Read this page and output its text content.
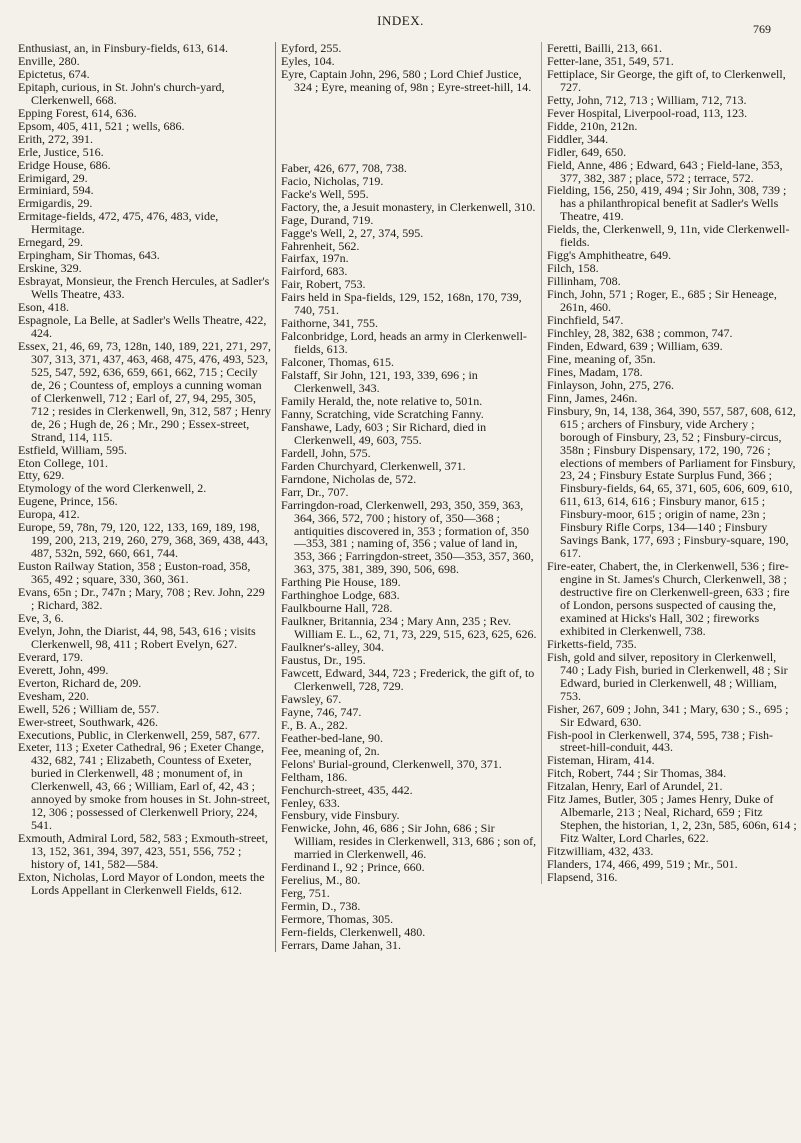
INDEX.
769

Enthusiast, an, in Finsbury-fields, 613, 614.

Enville, 280.

Epictetus, 674.

Epitaph, curious, in St. John's church-yard, Clerkenwell, 668.

Epping Forest, 614, 636.

Epsom, 405, 411, 521 ; wells, 686.

Erith, 272, 391.

Erle, Justice, 516.

Eridge House, 686.

Erimigard, 29.

Erminiard, 594.

Ermigardis, 29.

Ermitage-fields, 472, 475, 476, 483, vide, Hermitage.

Ernegard, 29.

Erpingham, Sir Thomas, 643.

Erskine, 329.

Esbrayat, Monsieur, the French Hercules, at Sadler's Wells Theatre, 433.

Eson, 418.

Espagnole, La Belle, at Sadler's Wells Theatre, 422, 424.

Essex, 21, 46, 69, 73, 128n, 140, 189, 221, 271, 297, 307, 313, 371, 437, 463, 468, 475, 476, 493, 523, 525, 547, 592, 636, 659, 661, 662, 715 ; Cecily de, 26 ; Countess of, employs a cunning woman of Clerkenwell, 712 ; Earl of, 27, 94, 295, 305, 712 ; resides in Clerkenwell, 9n, 312, 587 ; Henry de, 26 ; Hugh de, 26 ; Mr., 290 ; Essex-street, Strand, 114, 115.

Estfield, William, 595.

Eton College, 101.

Etty, 629.

Etymology of the word Clerkenwell, 2.

Eugene, Prince, 156.

Europa, 412.

Europe, 59, 78n, 79, 120, 122, 133, 169, 189, 198, 199, 200, 213, 219, 260, 279, 368, 369, 438, 443, 487, 532n, 592, 660, 661, 744.

Euston Railway Station, 358 ; Euston-road, 358, 365, 492 ; square, 330, 360, 361.

Evans, 65n ; Dr., 747n ; Mary, 708 ; Rev. John, 229 ; Richard, 382.

Eve, 3, 6.

Evelyn, John, the Diarist, 44, 98, 543, 616 ; visits Clerkenwell, 98, 411 ; Robert Evelyn, 627.

Everard, 179.

Everett, John, 499.

Everton, Richard de, 209.

Evesham, 220.

Ewell, 526 ; William de, 557.

Ewer-street, Southwark, 426.

Executions, Public, in Clerkenwell, 259, 587, 677.

Exeter, 113 ; Exeter Cathedral, 96 ; Exeter Change, 432, 682, 741 ; Elizabeth, Countess of Exeter, buried in Clerkenwell, 48 ; monument of, in Clerkenwell, 43, 66 ; William, Earl of, 42, 43 ; annoyed by smoke from houses in St. John-street, 12, 306 ; possessed of Clerkenwell Priory, 224, 541.

Exmouth, Admiral Lord, 582, 583 ; Exmouth-street, 13, 152, 361, 394, 397, 423, 551, 556, 752 ; history of, 141, 582—584.

Exton, Nicholas, Lord Mayor of London, meets the Lords Appellant in Clerkenwell Fields, 612.

Eyford, 255.

Eyles, 104.

Eyre, Captain John, 296, 580 ; Lord Chief Justice, 324 ; Eyre, meaning of, 98n ; Eyre-street-hill, 14.

Faber, 426, 677, 708, 738.

Facio, Nicholas, 719.

Facke's Well, 595.

Factory, the, a Jesuit monastery, in Clerkenwell, 310.

Fage, Durand, 719.

Fagge's Well, 2, 27, 374, 595.

Fahrenheit, 562.

Fairfax, 197n.

Fairford, 683.

Fair, Robert, 753.

Fairs held in Spa-fields, 129, 152, 168n, 170, 739, 740, 751.

Faithorne, 341, 755.

Falconbridge, Lord, heads an army in Clerkenwell-fields, 613.

Falconer, Thomas, 615.

Falstaff, Sir John, 121, 193, 339, 696 ; in Clerkenwell, 343.

Family Herald, the, note relative to, 501n.

Fanny, Scratching, vide Scratching Fanny.

Fanshawe, Lady, 603 ; Sir Richard, died in Clerkenwell, 49, 603, 755.

Fardell, John, 575.

Farden Churchyard, Clerkenwell, 371.

Farndone, Nicholas de, 572.

Farr, Dr., 707.

Farringdon-road, Clerkenwell, 293, 350, 359, 363, 364, 366, 572, 700 ; history of, 350—368 ; antiquities discovered in, 353 ; formation of, 350—353, 381 ; naming of, 356 ; value of land in, 353, 366 ; Farringdon-street, 350—353, 357, 360, 363, 375, 381, 389, 390, 506, 698.

Farthing Pie House, 189.

Farthinghoe Lodge, 683.

Faulkbourne Hall, 728.

Faulkner, Britannia, 234 ; Mary Ann, 235 ; Rev. William E. L., 62, 71, 73, 229, 515, 623, 625, 626.

Faulkner's-alley, 304.

Faustus, Dr., 195.

Fawcett, Edward, 344, 723 ; Frederick, the gift of, to Clerkenwell, 728, 729.

Fawsley, 67.

Fayne, 746, 747.

F., B. A., 282.

Feather-bed-lane, 90.

Fee, meaning of, 2n.

Felons' Burial-ground, Clerkenwell, 370, 371.

Feltham, 186.

Fenchurch-street, 435, 442.

Fenley, 633.

Fensbury, vide Finsbury.

Fenwicke, John, 46, 686 ; Sir John, 686 ; Sir William, resides in Clerkenwell, 313, 686 ; son of, married in Clerkenwell, 46.

Ferdinand I., 92 ; Prince, 660.

Ferelius, M., 80.

Ferg, 751.

Fermin, D., 738.

Fermore, Thomas, 305.

Fern-fields, Clerkenwell, 480.

Ferrars, Dame Jahan, 31.

Feretti, Bailli, 213, 661.

Fetter-lane, 351, 549, 571.

Fettiplace, Sir George, the gift of, to Clerkenwell, 727.

Fetty, John, 712, 713 ; William, 712, 713.

Fever Hospital, Liverpool-road, 113, 123.

Fidde, 210n, 212n.

Fiddler, 344.

Fidler, 649, 650.

Field, Anne, 486 ; Edward, 643 ; Field-lane, 353, 377, 382, 387 ; place, 572 ; terrace, 572.

Fielding, 156, 250, 419, 494 ; Sir John, 308, 739 ; has a philanthropical benefit at Sadler's Wells Theatre, 419.

Fields, the, Clerkenwell, 9, 11n, vide Clerkenwell-fields.

Figg's Amphitheatre, 649.

Filch, 158.

Fillinham, 708.

Finch, John, 571 ; Roger, E., 685 ; Sir Heneage, 261n, 460.

Finchfield, 547.

Finchley, 28, 382, 638 ; common, 747.

Finden, Edward, 639 ; William, 639.

Fine, meaning of, 35n.

Fines, Madam, 178.

Finlayson, John, 275, 276.

Finn, James, 246n.

Finsbury, 9n, 14, 138, 364, 390, 557, 587, 608, 612, 615 ; archers of Finsbury, vide Archery ; borough of Finsbury, 23, 52 ; Finsbury-circus, 358n ; Finsbury Dispensary, 172, 190, 726 ; elections of members of Parliament for Finsbury, 23, 24 ; Finsbury Estate Surplus Fund, 366 ; Finsbury-fields, 64, 65, 371, 605, 606, 609, 610, 611, 613, 614, 616 ; Finsbury manor, 615 ; Finsbury-moor, 615 ; origin of name, 23n ; Finsbury Rifle Corps, 134—140 ; Finsbury Savings Bank, 177, 693 ; Finsbury-square, 190, 617.

Fire-eater, Chabert, the, in Clerkenwell, 536 ; fire-engine in St. James's Church, Clerkenwell, 38 ; destructive fire on Clerkenwell-green, 633 ; fire of London, persons suspected of causing the, examined at Hicks's Hall, 302 ; fireworks exhibited in Clerkenwell, 738.

Firketts-field, 735.

Fish, gold and silver, repository in Clerkenwell, 740 ; Lady Fish, buried in Clerkenwell, 48 ; Sir Edward, buried in Clerkenwell, 48 ; William, 753.

Fisher, 267, 609 ; John, 341 ; Mary, 630 ; S., 695 ; Sir Edward, 630.

Fish-pool in Clerkenwell, 374, 595, 738 ; Fish-street-hill-conduit, 443.

Fisteman, Hiram, 414.

Fitch, Robert, 744 ; Sir Thomas, 384.

Fitzalan, Henry, Earl of Arundel, 21.

Fitz James, Butler, 305 ; James Henry, Duke of Albemarle, 213 ; Neal, Richard, 659 ; Fitz Stephen, the historian, 1, 2, 23n, 585, 606n, 614 ; Fitz Walter, Lord Charles, 622.

Fitzwilliam, 432, 433.

Flanders, 174, 466, 499, 519 ; Mr., 501.

Flapsend, 316.
